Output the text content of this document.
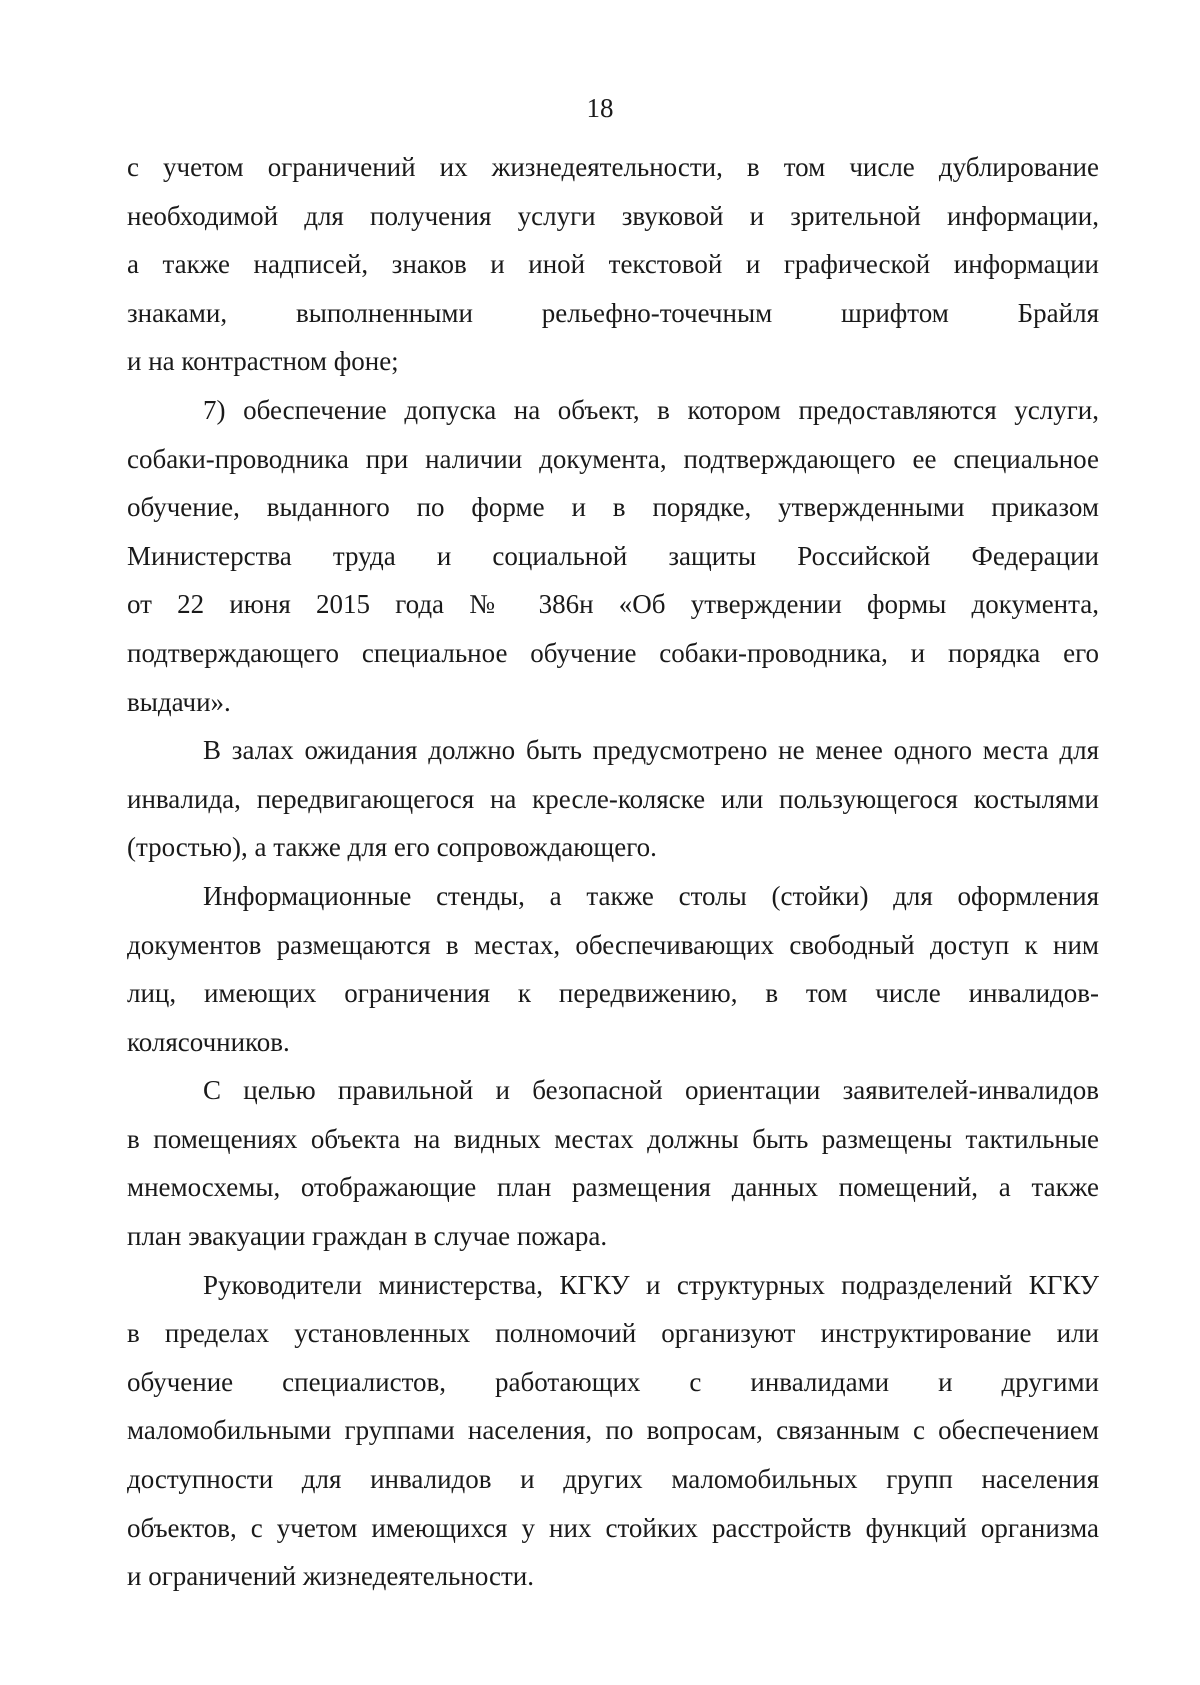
18
с учетом ограничений их жизнедеятельности, в том числе дублирование
необходимой для получения услуги звуковой и зрительной информации,
а также надписей, знаков и иной текстовой и графической информации
знаками, выполненными рельефно-точечным шрифтом Брайля
и на контрастном фоне;
7) обеспечение допуска на объект, в котором предоставляются услуги,
собаки-проводника при наличии документа, подтверждающего ее специальное
обучение, выданного по форме и в порядке, утвержденными приказом
Министерства труда и социальной защиты Российской Федерации
от 22 июня 2015 года № 386н «Об утверждении формы документа,
подтверждающего специальное обучение собаки-проводника, и порядка его
выдачи».
В залах ожидания должно быть предусмотрено не менее одного места для
инвалида, передвигающегося на кресле-коляске или пользующегося костылями
(тростью), а также для его сопровождающего.
Информационные стенды, а также столы (стойки) для оформления
документов размещаются в местах, обеспечивающих свободный доступ к ним
лиц, имеющих ограничения к передвижению, в том числе инвалидов-
колясочников.
С целью правильной и безопасной ориентации заявителей-инвалидов
в помещениях объекта на видных местах должны быть размещены тактильные
мнемосхемы, отображающие план размещения данных помещений, а также
план эвакуации граждан в случае пожара.
Руководители министерства, КГКУ и структурных подразделений КГКУ
в пределах установленных полномочий организуют инструктирование или
обучение специалистов, работающих с инвалидами и другими
маломобильными группами населения, по вопросам, связанным с обеспечением
доступности для инвалидов и других маломобильных групп населения
объектов, с учетом имеющихся у них стойких расстройств функций организма
и ограничений жизнедеятельности.
